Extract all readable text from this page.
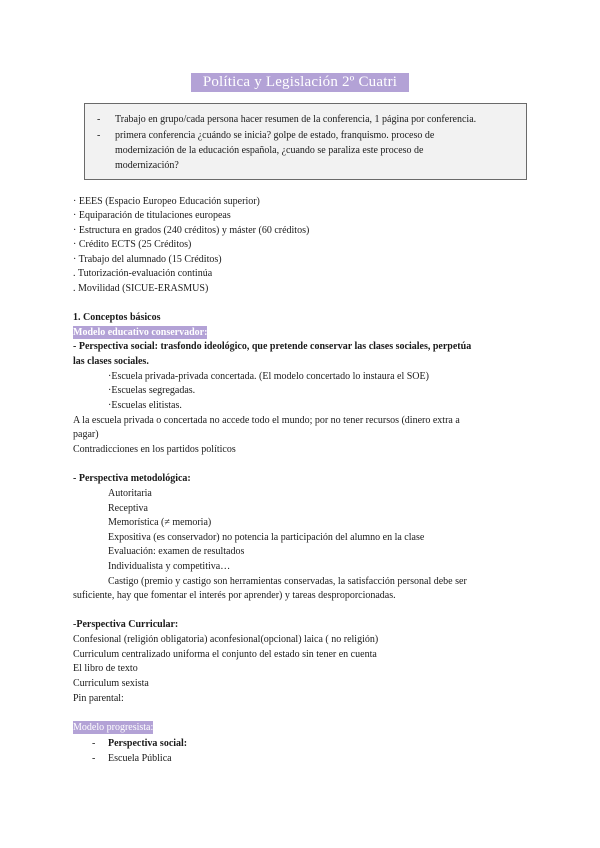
Política y Legislación 2º Cuatri
- Trabajo en grupo/cada persona hacer resumen de la conferencia, 1 página por conferencia.
- primera conferencia ¿cuándo se inicia? golpe de estado, franquismo. proceso de
modernización de la educación española, ¿cuando se paraliza este proceso de
modernización?
· EEES (Espacio Europeo Educación superior)
· Equiparación de titulaciones europeas
· Estructura en grados (240 créditos) y máster (60 créditos)
· Crédito ECTS (25 Créditos)
· Trabajo del alumnado (15 Créditos)
. Tutorización-evaluación continúa
. Movilidad (SICUE-ERASMUS)
1. Conceptos básicos
Modelo educativo conservador:
- Perspectiva social: trasfondo ideológico, que pretende conservar las clases sociales, perpetúa
las clases sociales.
·Escuela privada-privada concertada. (El modelo concertado lo instaura el SOE)
·Escuelas segregadas.
·Escuelas elitistas.
A la escuela privada o concertada no accede todo el mundo; por no tener recursos (dinero extra a
pagar)
Contradicciones en los partidos políticos
- Perspectiva metodológica:
Autoritaria
Receptiva
Memorística (≠ memoria)
Expositiva (es conservador) no potencia la participación del alumno en la clase
Evaluación: examen de resultados
Individualista y competitiva…
Castigo (premio y castigo son herramientas conservadas, la satisfacción personal debe ser
suficiente, hay que fomentar el interés por aprender) y tareas desproporcionadas.
-Perspectiva Curricular:
Confesional (religión obligatoria) aconfesional(opcional) laica ( no religión)
Curriculum centralizado uniforma el conjunto del estado sin tener en cuenta
El libro de texto
Curriculum sexista
Pin parental:
Modelo progresista:
- Perspectiva social:
- Escuela Pública
